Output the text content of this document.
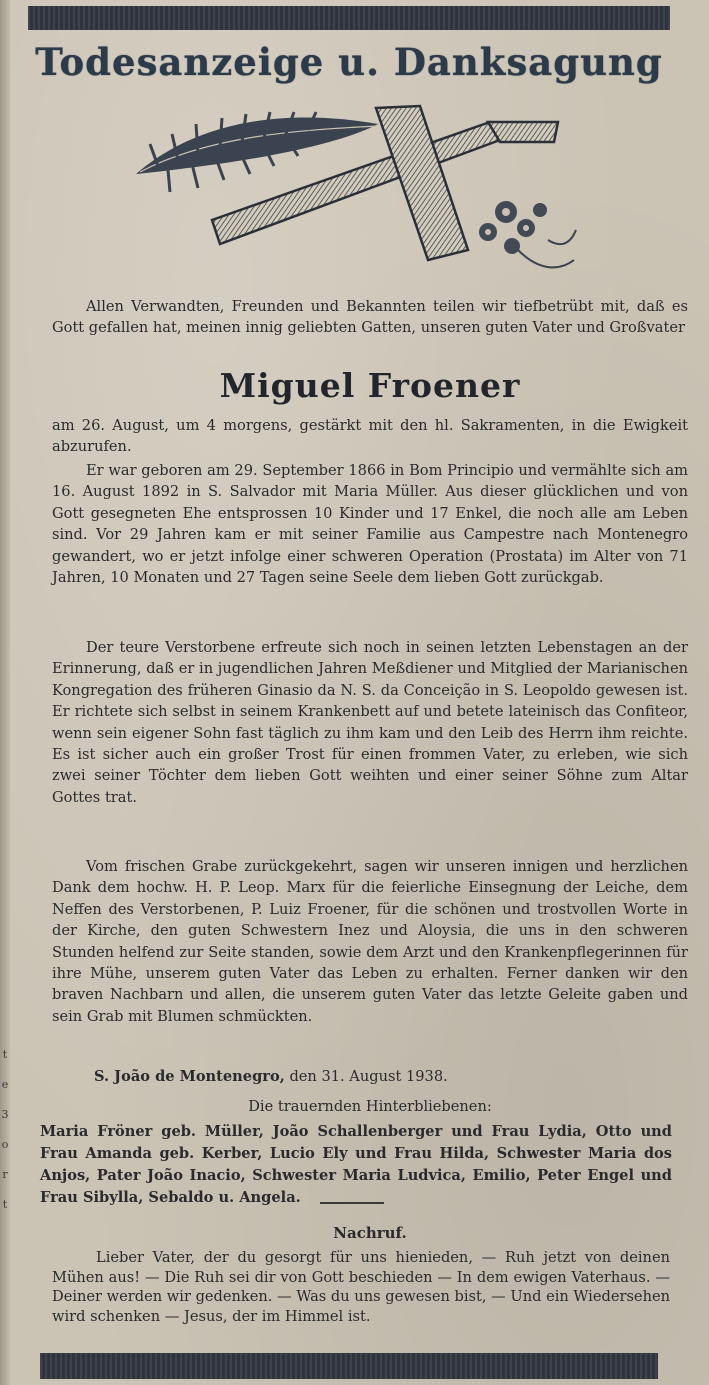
t
e
3
o
r
t
Todesanzeige u. Danksagung
Allen Verwandten, Freunden und Bekannten teilen wir tiefbetrübt mit, daß es Gott gefallen hat, meinen innig geliebten Gatten, unseren guten Vater und Großvater
Miguel Froener
am 26. August, um 4 morgens, gestärkt mit den hl. Sakramenten, in die Ewigkeit abzurufen.
Er war geboren am 29. September 1866 in Bom Principio und vermählte sich am 16. August 1892 in S. Salvador mit Maria Müller. Aus dieser glücklichen und von Gott gesegneten Ehe entsprossen 10 Kinder und 17 Enkel, die noch alle am Leben sind. Vor 29 Jahren kam er mit seiner Familie aus Campestre nach Montenegro gewandert, wo er jetzt infolge einer schweren Operation (Prostata) im Alter von 71 Jahren, 10 Monaten und 27 Tagen seine Seele dem lieben Gott zurückgab.
Der teure Verstorbene erfreute sich noch in seinen letzten Lebenstagen an der Erinnerung, daß er in jugendlichen Jahren Meßdiener und Mitglied der Marianischen Kongregation des früheren Ginasio da N. S. da Conceição in S. Leopoldo gewesen ist. Er richtete sich selbst in seinem Krankenbett auf und betete lateinisch das Confiteor, wenn sein eigener Sohn fast täglich zu ihm kam und den Leib des Herrn ihm reichte. Es ist sicher auch ein großer Trost für einen frommen Vater, zu erleben, wie sich zwei seiner Töchter dem lieben Gott weihten und einer seiner Söhne zum Altar Gottes trat.
Vom frischen Grabe zurückgekehrt, sagen wir unseren innigen und herzlichen Dank dem hochw. H. P. Leop. Marx für die feierliche Einsegnung der Leiche, dem Neffen des Verstorbenen, P. Luiz Froener, für die schönen und trostvollen Worte in der Kirche, den guten Schwestern Inez und Aloysia, die uns in den schweren Stunden helfend zur Seite standen, sowie dem Arzt und den Krankenpflegerinnen für ihre Mühe, unserem guten Vater das Leben zu erhalten. Ferner danken wir den braven Nachbarn und allen, die unserem guten Vater das letzte Geleite gaben und sein Grab mit Blumen schmückten.
S. João de Montenegro, den 31. August 1938.
Die trauernden Hinterbliebenen:
Maria Fröner geb. Müller, João Schallenberger und Frau Lydia, Otto und Frau Amanda geb. Kerber, Lucio Ely und Frau Hilda, Schwester Maria dos Anjos, Pater João Inacio, Schwester Maria Ludvica, Emilio, Peter Engel und Frau Sibylla, Sebaldo u. Angela.
Nachruf.
Lieber Vater, der du gesorgt für uns hienieden, — Ruh jetzt von deinen Mühen aus! — Die Ruh sei dir von Gott beschieden — In dem ewigen Vaterhaus. — Deiner werden wir gedenken. — Was du uns gewesen bist, — Und ein Wiedersehen wird schenken — Jesus, der im Himmel ist.
